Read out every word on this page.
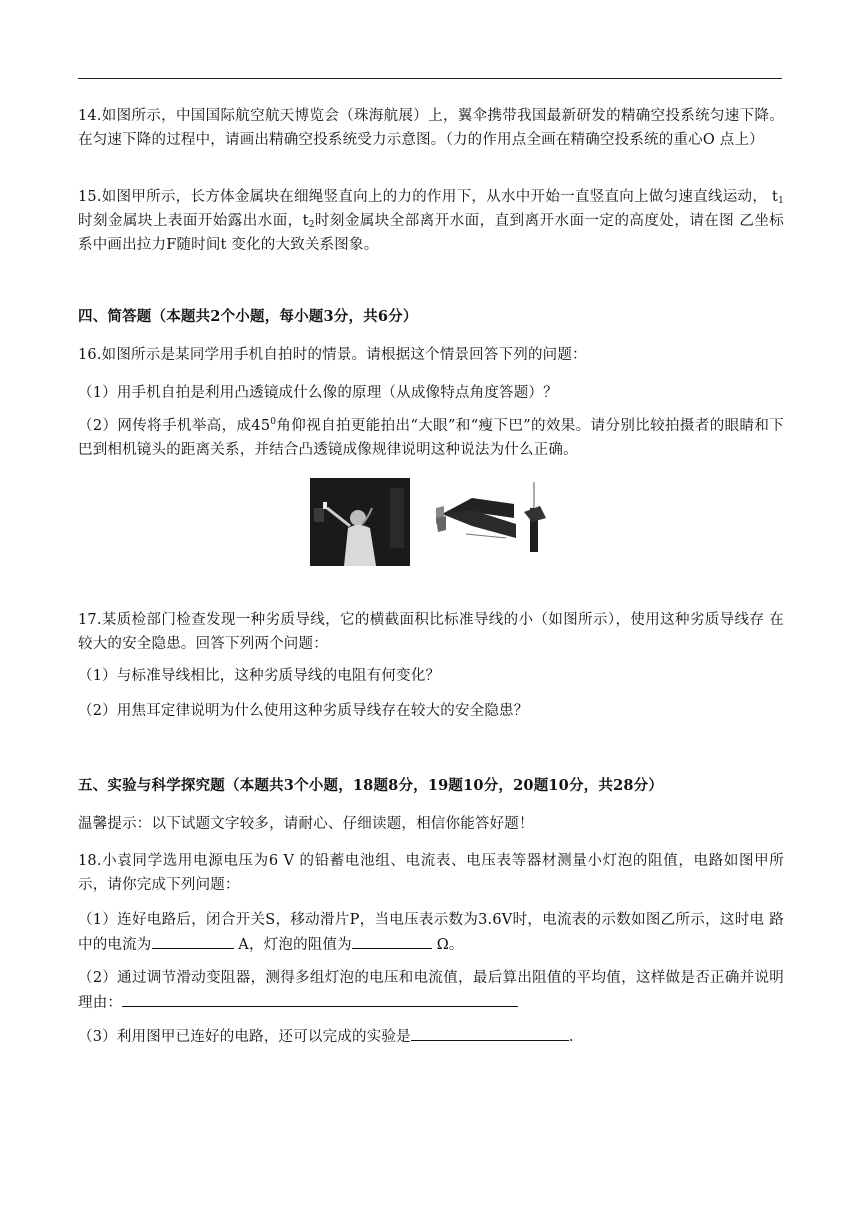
14.如图所示，中国国际航空航天博览会（珠海航展）上，翼伞携带我国最新研发的精确空投系统匀速下降。 在匀速下降的过程中，请画出精确空投系统受力示意图。（力的作用点全画在精确空投系统的重心O 点上）
15.如图甲所示，长方体金属块在细绳竖直向上的力的作用下，从水中开始一直竖直向上做匀速直线运动， $t_1$时刻金属块上表面开始露出水面，$t_2$时刻金属块全部离开水面，直到离开水面一定的高度处，请在图 乙坐标系中画出拉力F随时间t 变化的大致关系图象。
四、简答题（本题共2个小题，每小题3分，共6分）
16.如图所示是某同学用手机自拍时的情景。请根据这个情景回答下列的问题：
（1）用手机自拍是利用凸透镜成什么像的原理（从成像特点角度答题）？
（2）网传将手机举高，成$45^0$角仰视自拍更能拍出“大眼”和“瘦下巴”的效果。请分别比较拍摄者的眼睛和下巴到相机镜头的距离关系，并结合凸透镜成像规律说明这种说法为什么正确。
17.某质检部门检查发现一种劣质导线，它的横截面积比标准导线的小（如图所示），使用这种劣质导线存 在较大的安全隐患。回答下列两个问题：
（1）与标准导线相比，这种劣质导线的电阻有何变化？
（2）用焦耳定律说明为什么使用这种劣质导线存在较大的安全隐患？
五、实验与科学探究题（本题共3个小题，18题8分，19题10分，20题10分，共28分）
温馨提示：以下试题文字较多，请耐心、仔细读题，相信你能答好题！
18.小袁同学选用电源电压为6 V 的铅蓄电池组、电流表、电压表等器材测量小灯泡的阻值，电路如图甲所 示，请你完成下列问题：
（1）连好电路后，闭合开关S，移动滑片P，当电压表示数为3.6V时，电流表的示数如图乙所示，这时电 路中的电流为	A，灯泡的阻值为	Ω。
（2）通过调节滑动变阻器，测得多组灯泡的电压和电流值，最后算出阻值的平均值，这样做是否正确并说明理由：
（3）利用图甲已连好的电路，还可以完成的实验是	.
